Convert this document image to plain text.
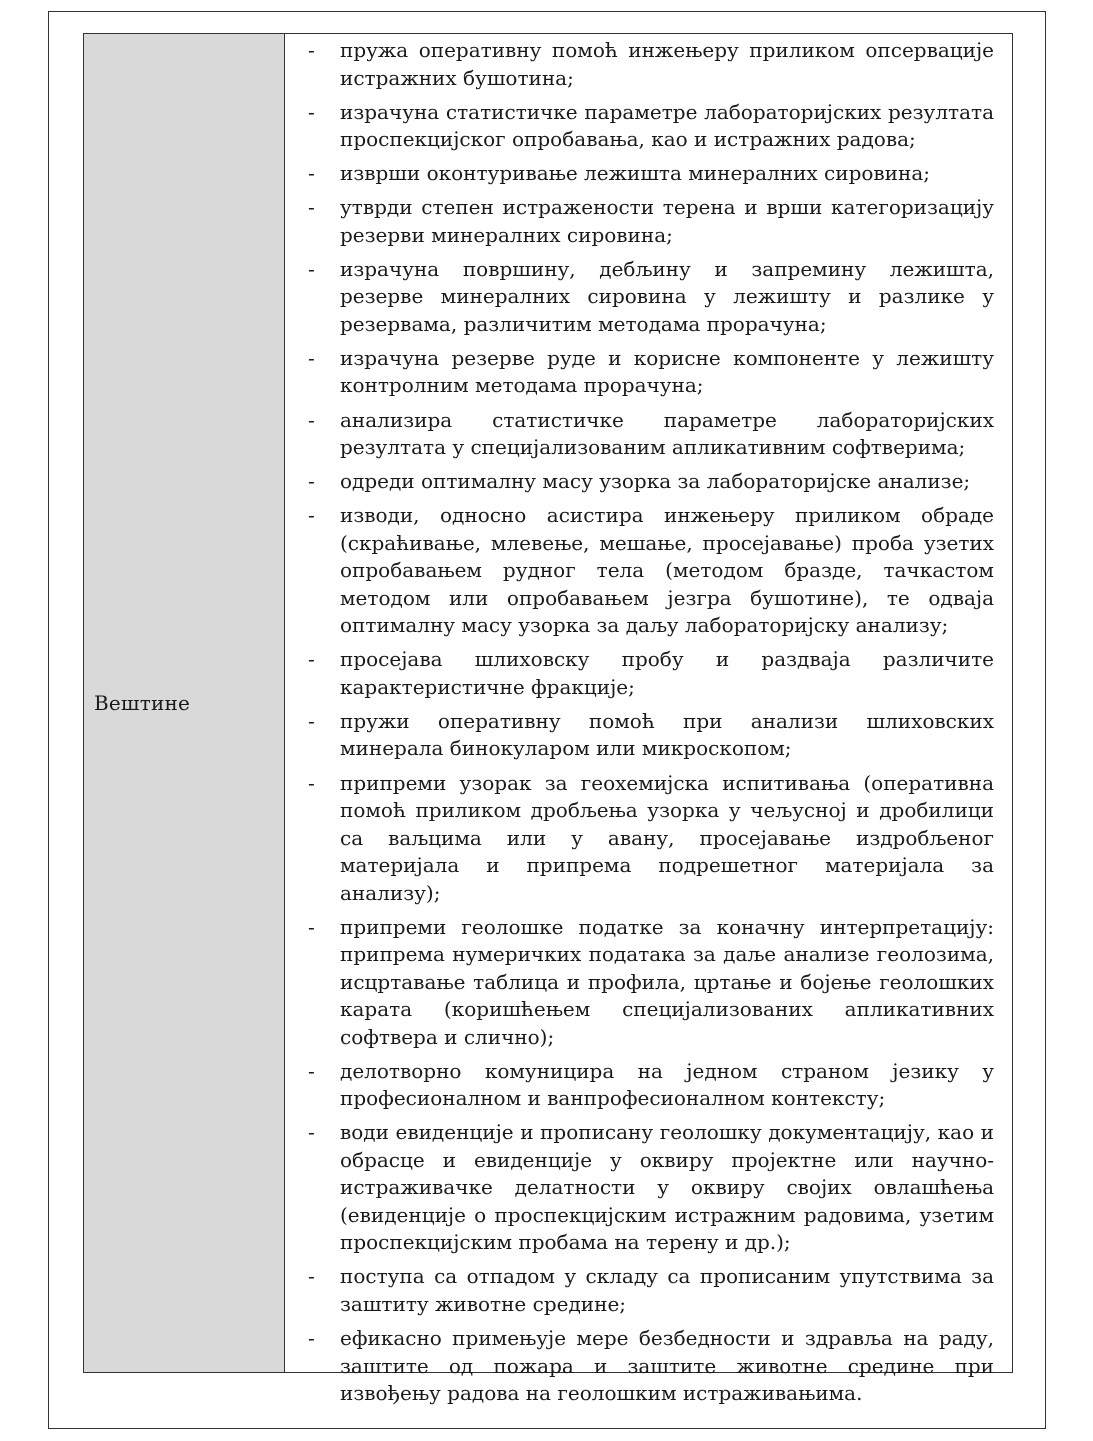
Вештине
-	пружа оперативну помоћ инжењеру приликом опсервације истражних бушотина;
-	израчуна статистичке параметре лабораторијских резултата проспекцијског опробавања, као и истражних радова;
-	изврши оконтуривање лежишта минералних сировина;
-	утврди степен истражености терена и врши категоризацију резерви минералних сировина;
-	израчуна површину, дебљину и запремину лежишта, резерве минералних сировина у лежишту и разлике у резервама, различитим методама прорачуна;
-	израчуна резерве руде и корисне компоненте у лежишту контролним методама прорачуна;
-	анализира статистичке параметре лабораторијских резултата у специјализованим апликативним софтверима;
-	одреди оптималну масу узорка за лабораторијске анализе;
-	изводи, односно асистира инжењеру приликом обраде (скраћивање, млевење, мешање, просејавање) проба узетих опробавањем рудног тела (методом бразде, тачкастом методом или опробавањем језгра бушотине), те одваја оптималну масу узорка за даљу лабораторијску анализу;
-	просејава шлиховску пробу и раздваја различите карактеристичне фракције;
-	пружи оперативну помоћ при анализи шлиховских минерала бинокуларом или микроскопом;
-	припреми узорак за геохемијска испитивања (оперативна помоћ приликом дробљења узорка у чељусној и дробилици са ваљцима или у авану, просејавање издробљеног материјала и припрема подрешетног материјала за анализу);
-	припреми геолошке податке за коначну интерпретацију: припрема нумеричких података за даље анализе геолозима, исцртавање таблица и профила, цртање и бојење геолошких карата (коришћењем специјализованих апликативних софтвера и слично);
-	делотворно комуницира на једном страном језику у професионалном и ванпрофесионалном контексту;
-	води евиденције и прописану геолошку документацију, као и обрасце и евиденције у оквиру пројектне или научно-истраживачке делатности у оквиру својих овлашћења (евиденције о проспекцијским истражним радовима, узетим проспекцијским пробама на терену и др.);
-	поступа са отпадом у складу са прописаним упутствима за заштиту животне средине;
-	ефикасно примењује мере безбедности и здравља на раду, заштите од пожара и заштите животне средине при извођењу радова на геолошким истраживањима.
